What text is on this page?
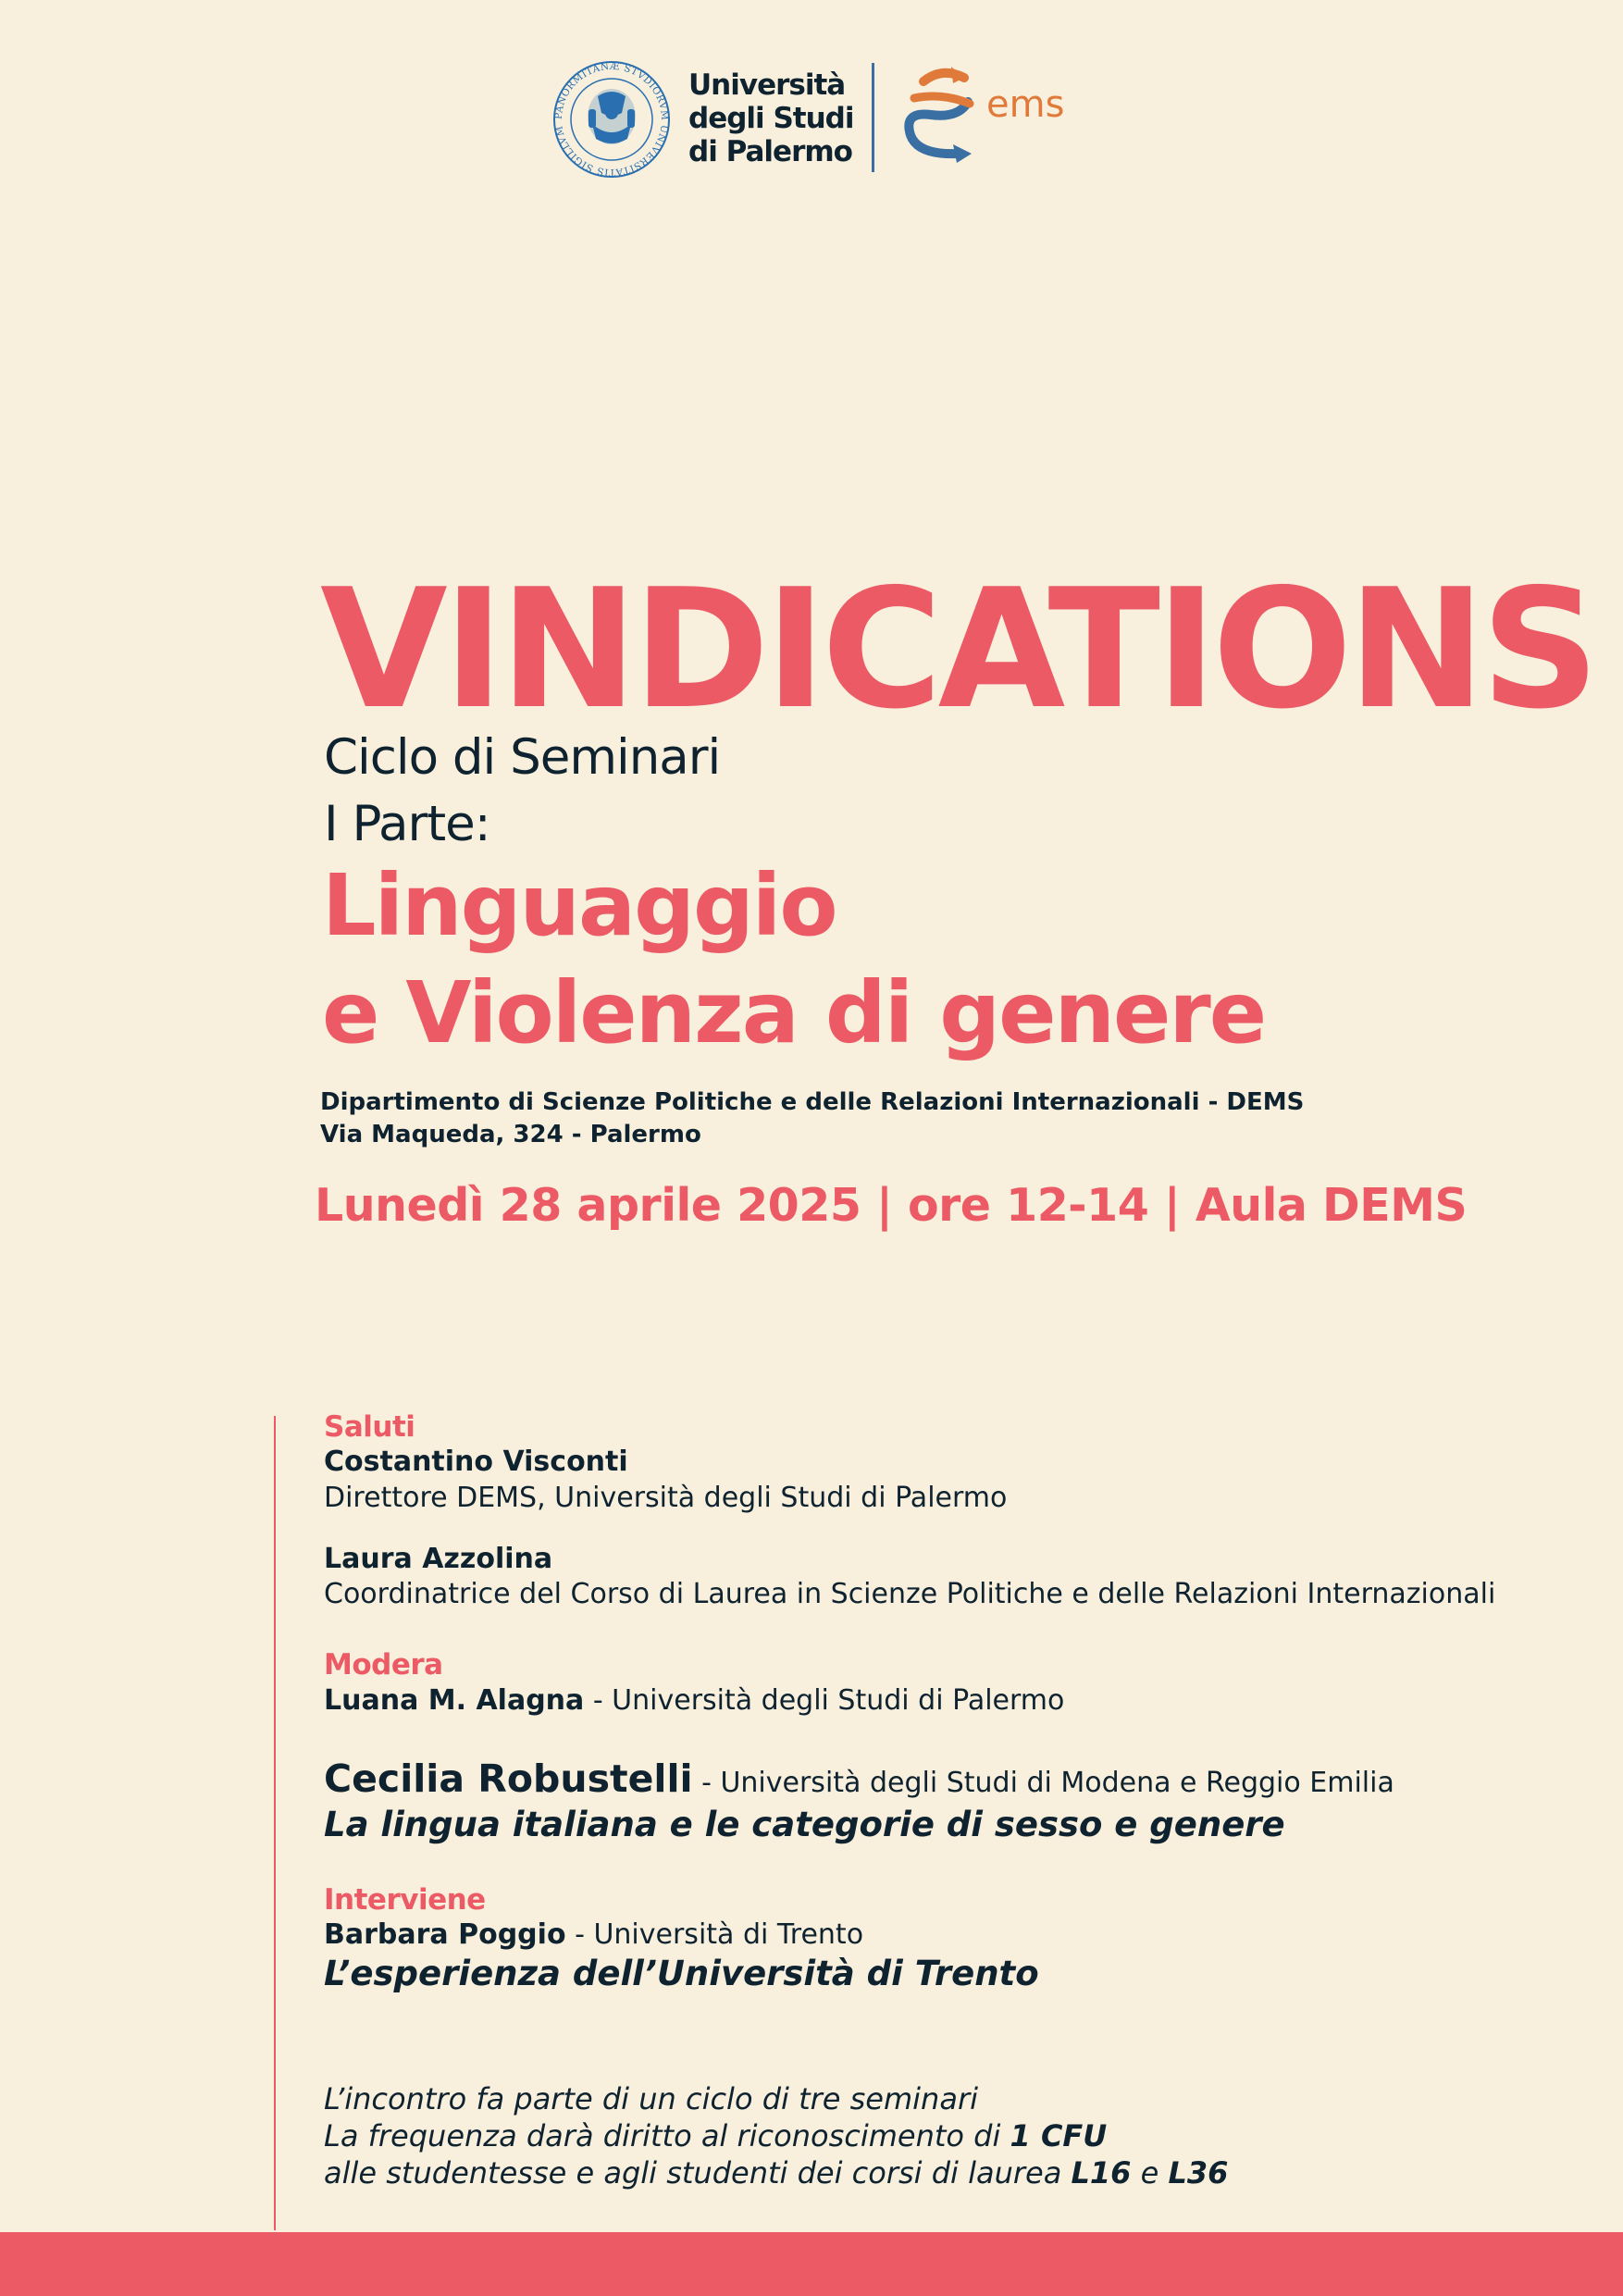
PANORMITANÆ STVDIORVM UNIVERSITATIS SIGILLVM
Università
degli Studi
di Palermo
ems
VINDICATIONS
Ciclo di Seminari
I Parte:
Linguaggio
e Violenza di genere
Dipartimento di Scienze Politiche e delle Relazioni Internazionali - DEMS
Via Maqueda, 324 - Palermo
Lunedì 28 aprile 2025 | ore 12-14 | Aula DEMS
Saluti
Costantino Visconti
Direttore DEMS, Università degli Studi di Palermo
Laura Azzolina
Coordinatrice del Corso di Laurea in Scienze Politiche e delle Relazioni Internazionali
Modera
Luana M. Alagna - Università degli Studi di Palermo
Cecilia Robustelli - Università degli Studi di Modena e Reggio Emilia
La lingua italiana e le categorie di sesso e genere
Interviene
Barbara Poggio - Università di Trento
L’esperienza dell’Università di Trento
L’incontro fa parte di un ciclo di tre seminari
La frequenza darà diritto al riconoscimento di 1 CFU
alle studentesse e agli studenti dei corsi di laurea L16 e L36
